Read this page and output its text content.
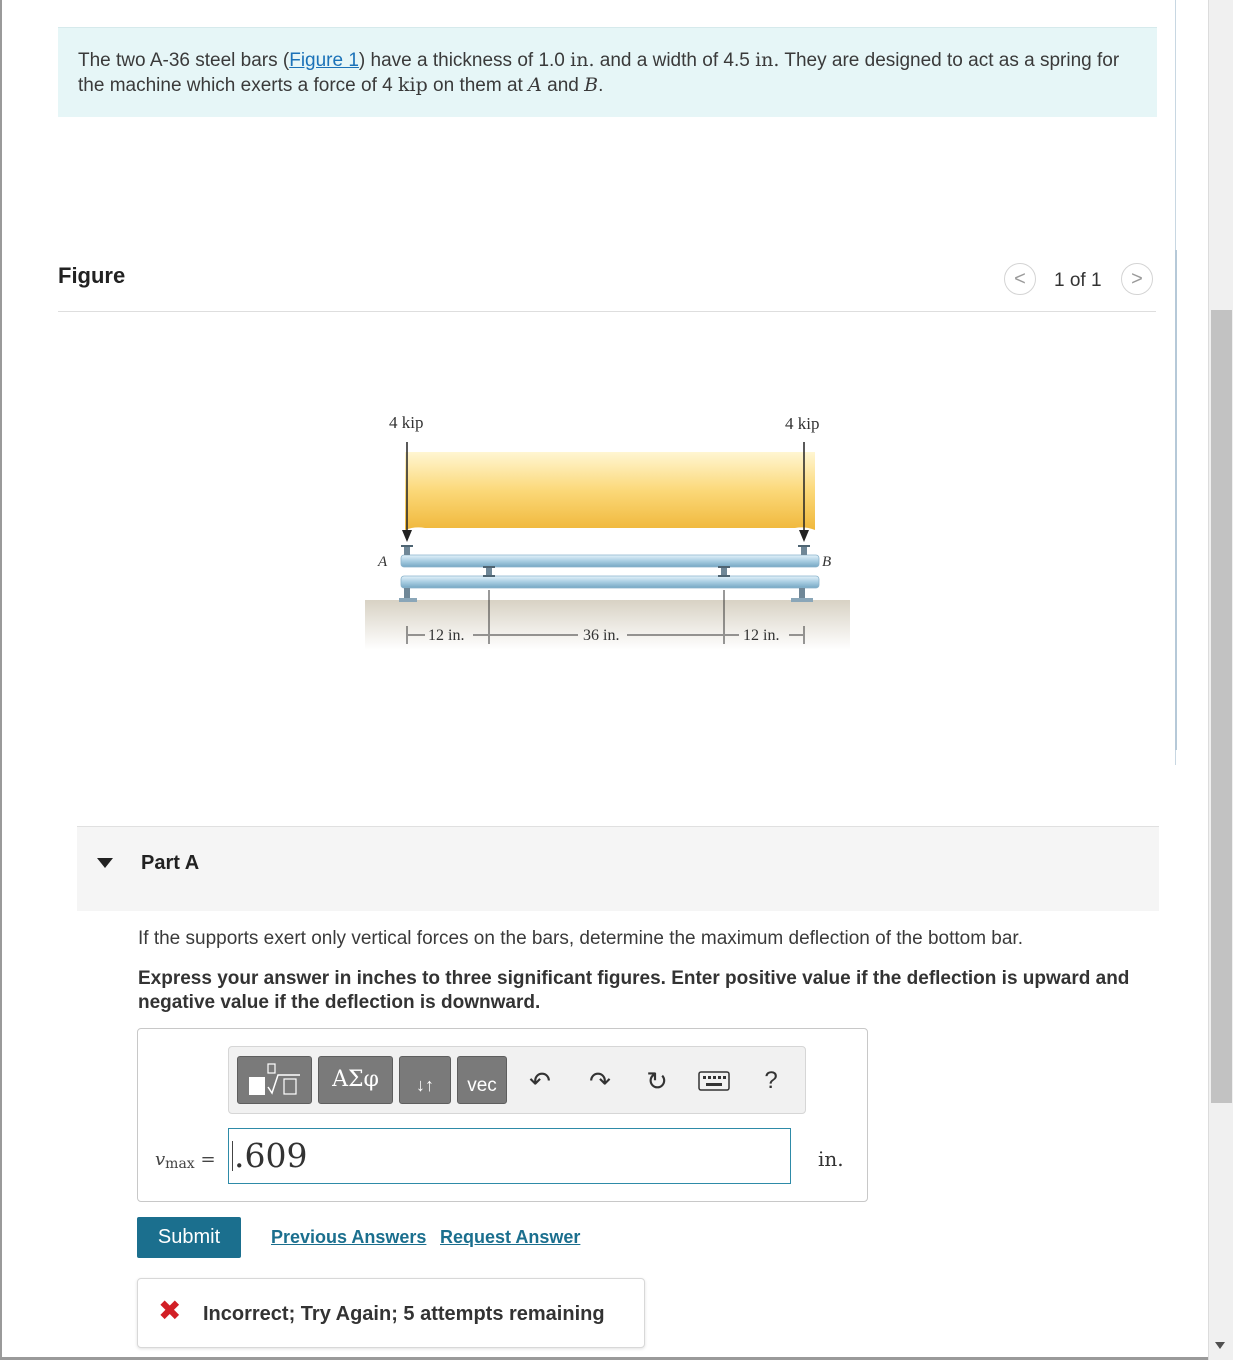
The two A-36 steel bars (Figure 1) have a thickness of 1.0 in. and a width of 4.5 in. They are designed to act as a spring for the machine which exerts a force of 4 kip on them at A and B.
Figure	<	1 of 1	>
4 kip	4 kip
A	B
12 in.	36 in.	12 in.
Part A
If the supports exert only vertical forces on the bars, determine the maximum deflection of the bottom bar.
Express your answer in inches to three significant figures. Enter positive value if the deflection is upward and negative value if the deflection is downward.
ΑΣφ	↓↑	vec	↶ ↷ ↻	?
$v_{max} = .609$	in.
Submit	Previous Answers Request Answer
✖ Incorrect; Try Again; 5 attempts remaining
